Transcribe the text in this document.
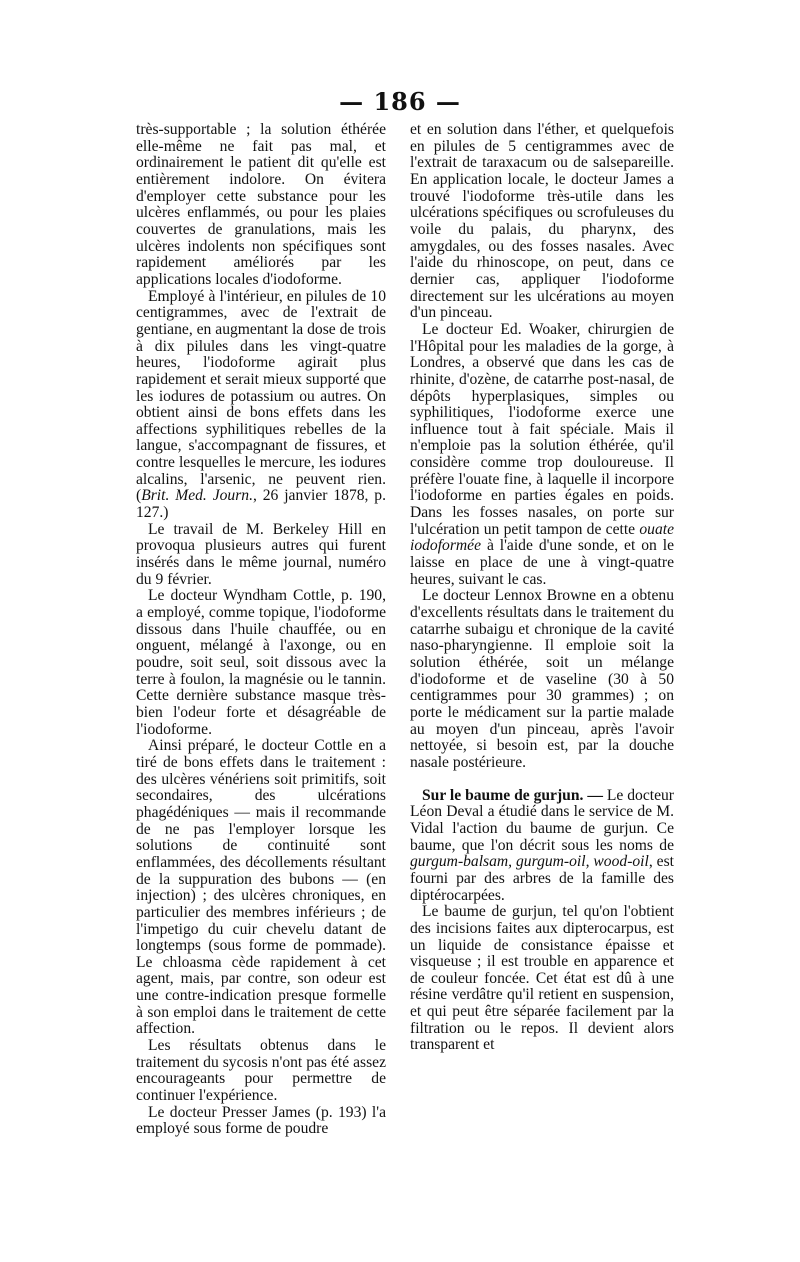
— 186 —

très-supportable ; la solution éthérée elle-même ne fait pas mal, et ordinairement le patient dit qu'elle est entièrement indolore. On évitera d'employer cette substance pour les ulcères enflammés, ou pour les plaies couvertes de granulations, mais les ulcères indolents non spécifiques sont rapidement améliorés par les applications locales d'iodoforme.

Employé à l'intérieur, en pilules de 10 centigrammes, avec de l'extrait de gentiane, en augmentant la dose de trois à dix pilules dans les vingt-quatre heures, l'iodoforme agirait plus rapidement et serait mieux supporté que les iodures de potassium ou autres. On obtient ainsi de bons effets dans les affections syphilitiques rebelles de la langue, s'accompagnant de fissures, et contre lesquelles le mercure, les iodures alcalins, l'arsenic, ne peuvent rien. (Brit. Med. Journ., 26 janvier 1878, p. 127.)

Le travail de M. Berkeley Hill en provoqua plusieurs autres qui furent insérés dans le même journal, numéro du 9 février.

Le docteur Wyndham Cottle, p. 190, a employé, comme topique, l'iodoforme dissous dans l'huile chauffée, ou en onguent, mélangé à l'axonge, ou en poudre, soit seul, soit dissous avec la terre à foulon, la magnésie ou le tannin. Cette dernière substance masque très-bien l'odeur forte et désagréable de l'iodoforme.

Ainsi préparé, le docteur Cottle en a tiré de bons effets dans le traitement : des ulcères vénériens soit primitifs, soit secondaires, des ulcérations phagédéniques — mais il recommande de ne pas l'employer lorsque les solutions de continuité sont enflammées, des décollements résultant de la suppuration des bubons — (en injection) ; des ulcères chroniques, en particulier des membres inférieurs ; de l'impetigo du cuir chevelu datant de longtemps (sous forme de pommade). Le chloasma cède rapidement à cet agent, mais, par contre, son odeur est une contre-indication presque formelle à son emploi dans le traitement de cette affection.

Les résultats obtenus dans le traitement du sycosis n'ont pas été assez encourageants pour permettre de continuer l'expérience.

Le docteur Presser James (p. 193) l'a employé sous forme de poudre

et en solution dans l'éther, et quelquefois en pilules de 5 centigrammes avec de l'extrait de taraxacum ou de salsepareille. En application locale, le docteur James a trouvé l'iodoforme très-utile dans les ulcérations spécifiques ou scrofuleuses du voile du palais, du pharynx, des amygdales, ou des fosses nasales. Avec l'aide du rhinoscope, on peut, dans ce dernier cas, appliquer l'iodoforme directement sur les ulcérations au moyen d'un pinceau.

Le docteur Ed. Woaker, chirurgien de l'Hôpital pour les maladies de la gorge, à Londres, a observé que dans les cas de rhinite, d'ozène, de catarrhe post-nasal, de dépôts hyperplasiques, simples ou syphilitiques, l'iodoforme exerce une influence tout à fait spéciale. Mais il n'emploie pas la solution éthérée, qu'il considère comme trop douloureuse. Il préfère l'ouate fine, à laquelle il incorpore l'iodoforme en parties égales en poids. Dans les fosses nasales, on porte sur l'ulcération un petit tampon de cette ouate iodoformée à l'aide d'une sonde, et on le laisse en place de une à vingt-quatre heures, suivant le cas.

Le docteur Lennox Browne en a obtenu d'excellents résultats dans le traitement du catarrhe subaigu et chronique de la cavité naso-pharyngienne. Il emploie soit la solution éthérée, soit un mélange d'iodoforme et de vaseline (30 à 50 centigrammes pour 30 grammes) ; on porte le médicament sur la partie malade au moyen d'un pinceau, après l'avoir nettoyée, si besoin est, par la douche nasale postérieure.

Sur le baume de gurjun. — Le docteur Léon Deval a étudié dans le service de M. Vidal l'action du baume de gurjun. Ce baume, que l'on décrit sous les noms de gurgum-balsam, gurgum-oil, wood-oil, est fourni par des arbres de la famille des diptérocarpées.

Le baume de gurjun, tel qu'on l'obtient des incisions faites aux dipterocarpus, est un liquide de consistance épaisse et visqueuse ; il est trouble en apparence et de couleur foncée. Cet état est dû à une résine verdâtre qu'il retient en suspension, et qui peut être séparée facilement par la filtration ou le repos. Il devient alors transparent et
